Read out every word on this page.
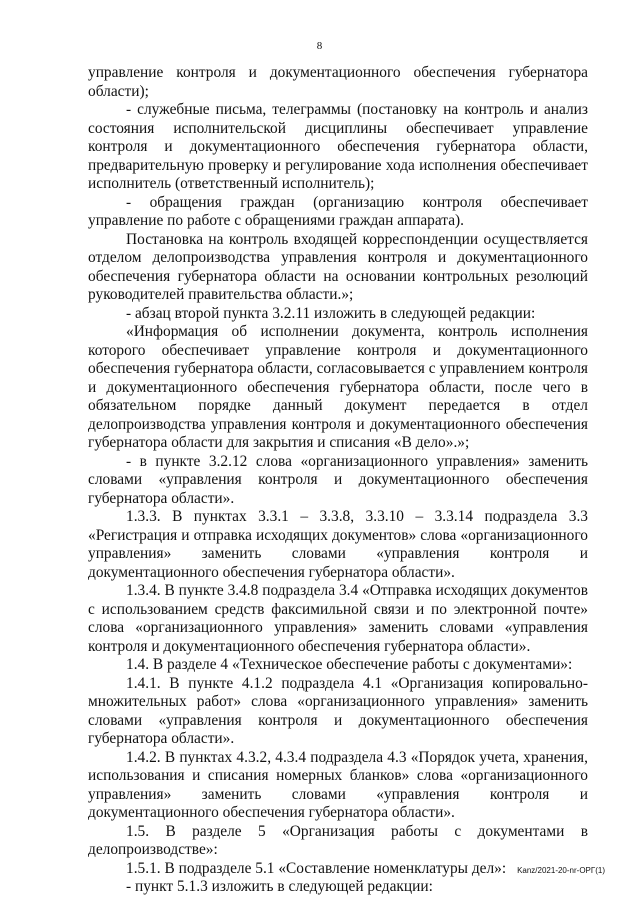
8

управление контроля и документационного обеспечения губернатора области);

- служебные письма, телеграммы (постановку на контроль и анализ состояния исполнительской дисциплины обеспечивает управление контроля и документационного обеспечения губернатора области, предварительную проверку и регулирование хода исполнения обеспечивает исполнитель (ответственный исполнитель);

- обращения граждан (организацию контроля обеспечивает управление по работе с обращениями граждан аппарата).

Постановка на контроль входящей корреспонденции осуществляется отделом делопроизводства управления контроля и документационного обеспечения губернатора области на основании контрольных резолюций руководителей правительства области.»;

- абзац второй пункта 3.2.11 изложить в следующей редакции:

«Информация об исполнении документа, контроль исполнения которого обеспечивает управление контроля и документационного обеспечения губернатора области, согласовывается с управлением контроля и документационного обеспечения губернатора области, после чего в обязательном порядке данный документ передается в отдел делопроизводства управления контроля и документационного обеспечения губернатора области для закрытия и списания «В дело».»;

- в пункте 3.2.12 слова «организационного управления» заменить словами «управления контроля и документационного обеспечения губернатора области».

1.3.3. В пунктах 3.3.1 – 3.3.8, 3.3.10 – 3.3.14 подраздела 3.3 «Регистрация и отправка исходящих документов» слова «организационного управления» заменить словами «управления контроля и документационного обеспечения губернатора области».

1.3.4. В пункте 3.4.8 подраздела 3.4 «Отправка исходящих документов с использованием средств факсимильной связи и по электронной почте» слова «организационного управления» заменить словами «управления контроля и документационного обеспечения губернатора области».

1.4. В разделе 4 «Техническое обеспечение работы с документами»:

1.4.1. В пункте 4.1.2 подраздела 4.1 «Организация копировально-множительных работ» слова «организационного управления» заменить словами «управления контроля и документационного обеспечения губернатора области».

1.4.2. В пунктах 4.3.2, 4.3.4 подраздела 4.3 «Порядок учета, хранения, использования и списания номерных бланков» слова «организационного управления» заменить словами «управления контроля и документационного обеспечения губернатора области».

1.5. В разделе 5 «Организация работы с документами в делопроизводстве»:

1.5.1. В подразделе 5.1 «Составление номенклатуры дел»:

- пункт 5.1.3 изложить в следующей редакции:

Kanz/2021-20-nr-ОРГ(1)
